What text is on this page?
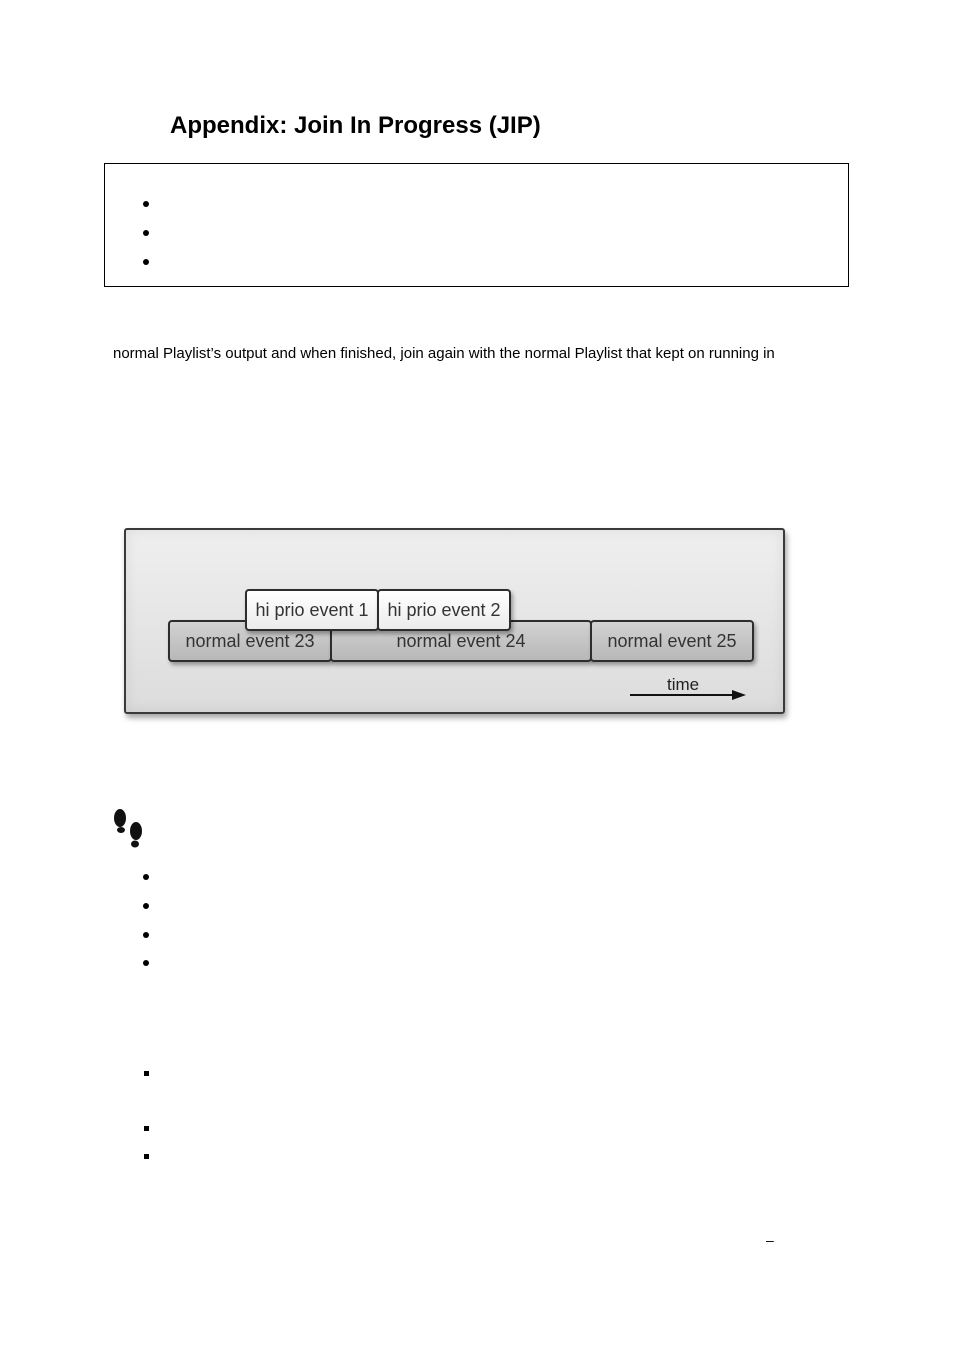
Appendix: Join In Progress (JIP)
normal Playlist’s output and when finished, join again with the normal Playlist that kept on running in
normal event 23	normal event 24	normal event 25
hi prio event 1	hi prio event 2
time
–
